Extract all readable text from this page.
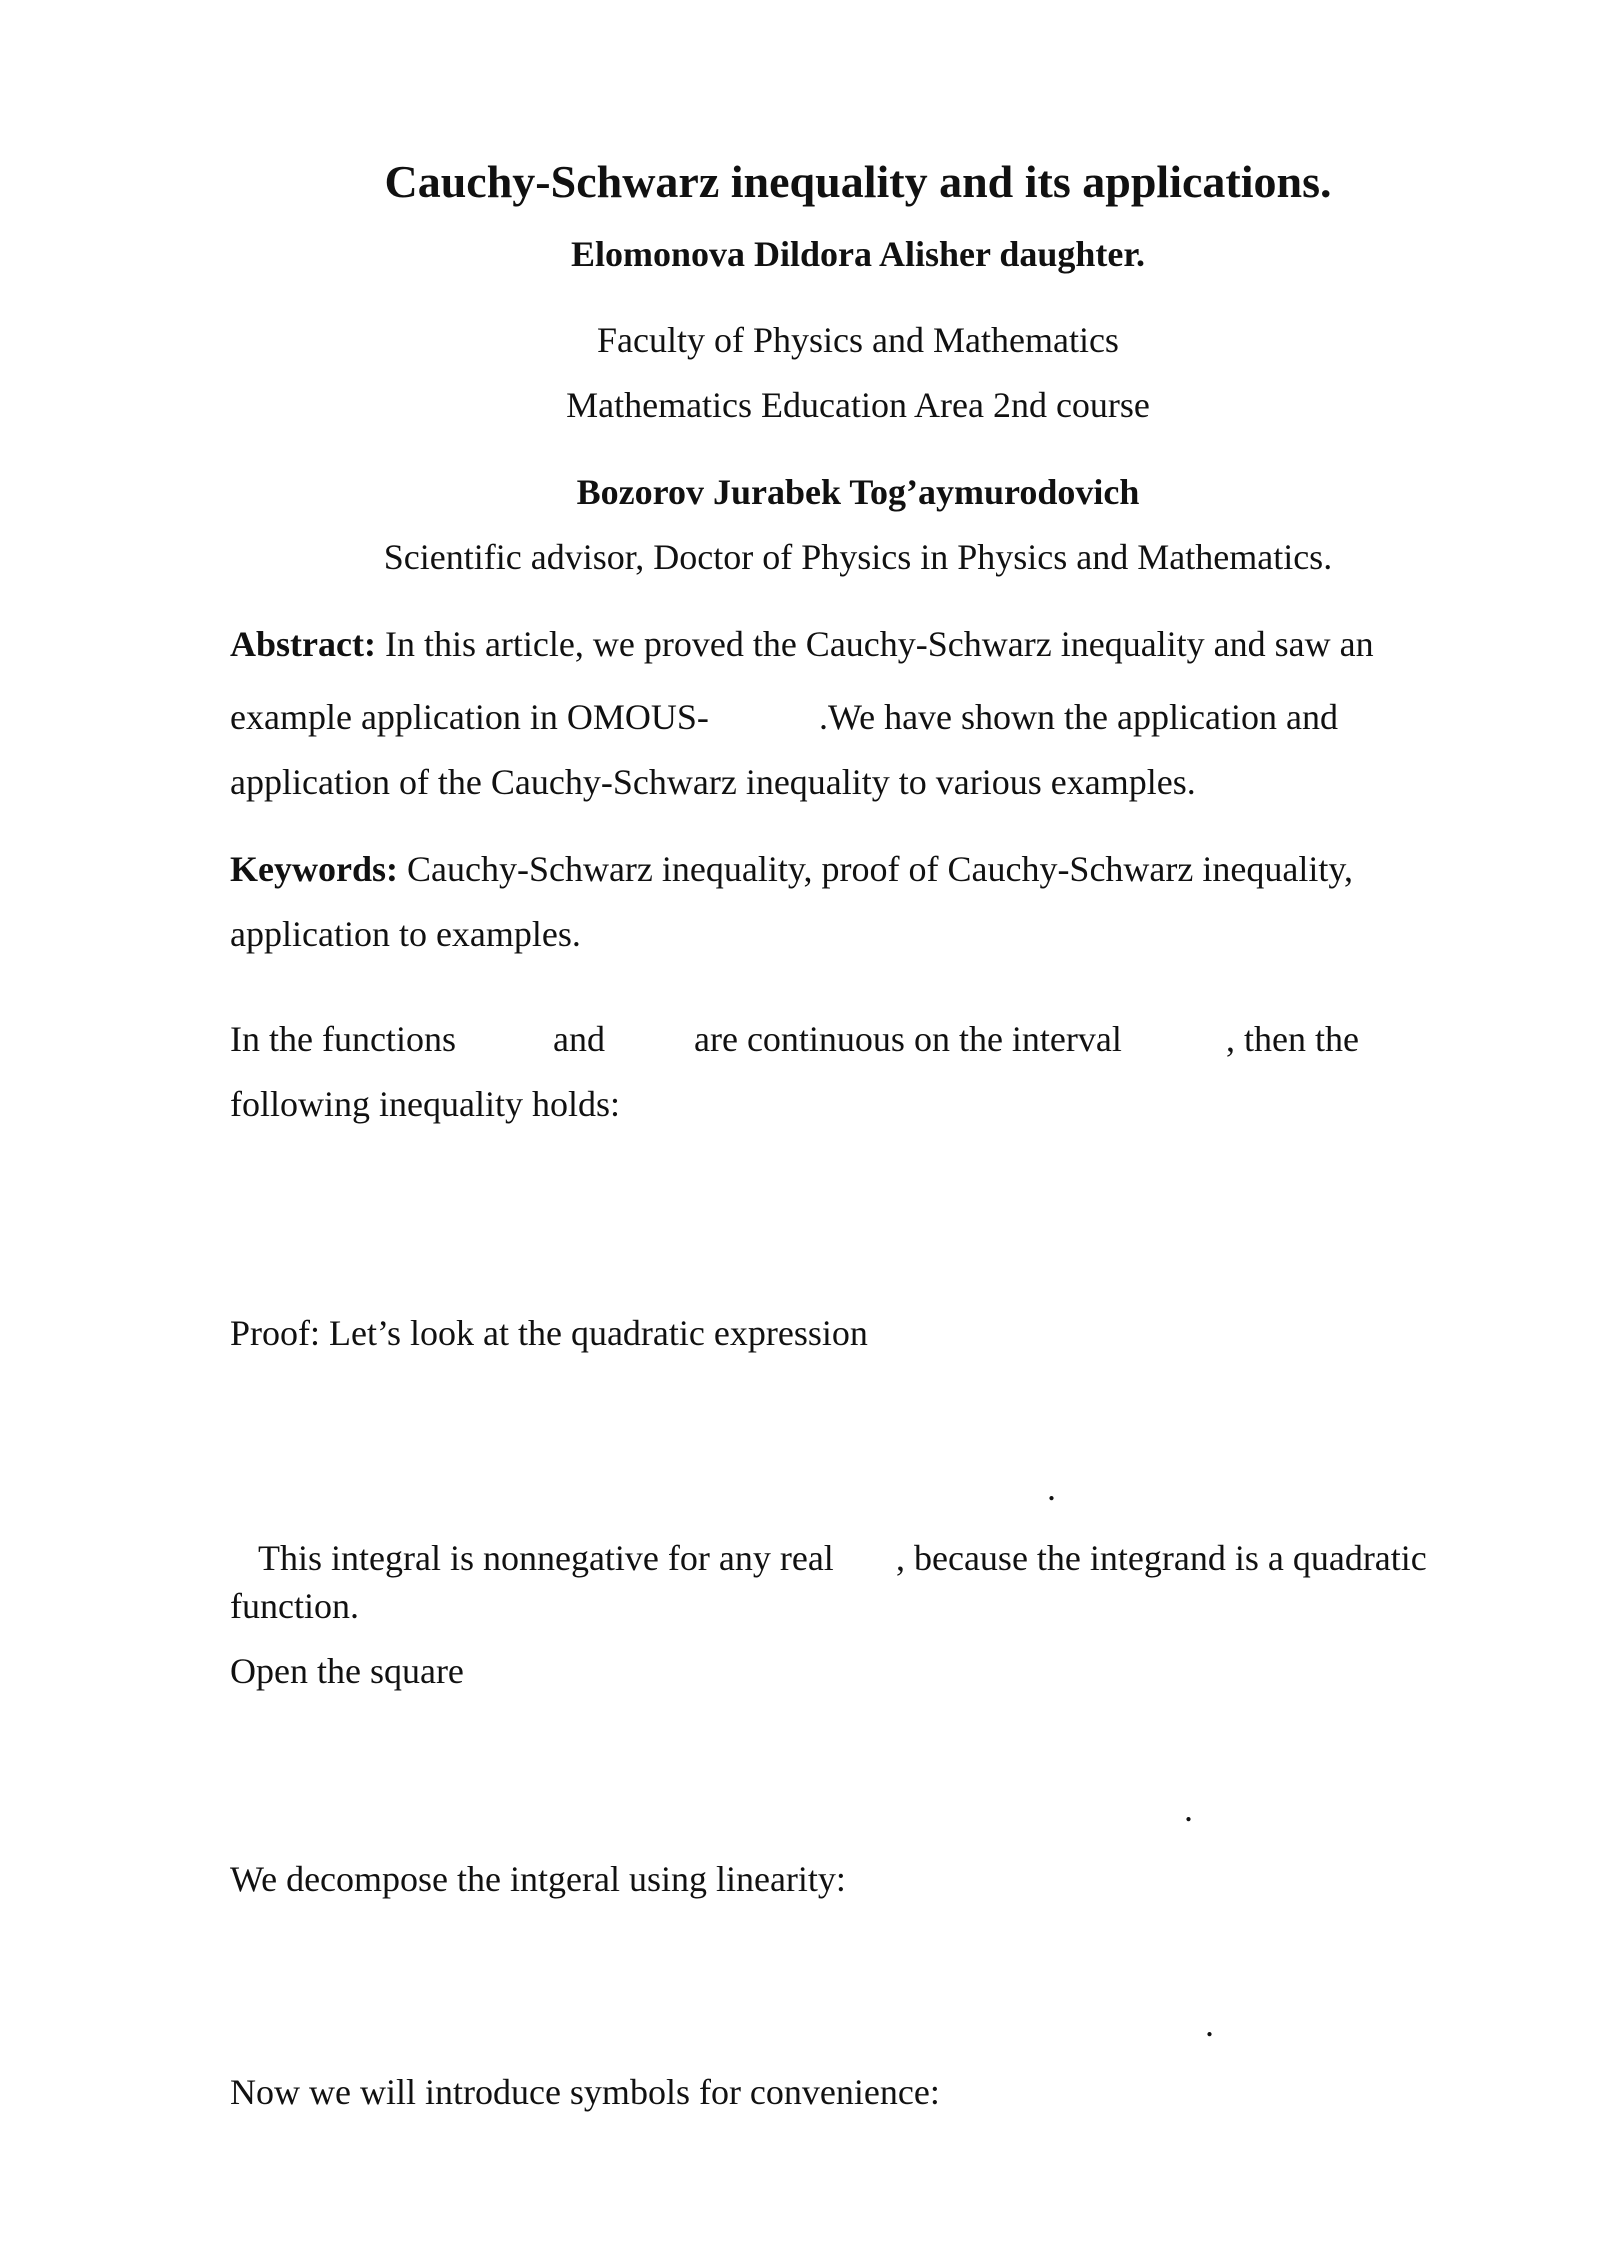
Cauchy-Schwarz inequality and its applications.
Elomonova Dildora Alisher daughter.
Faculty of Physics and Mathematics
Mathematics Education Area 2nd course
Bozorov Jurabek Tog’aymurodovich
Scientific advisor, Doctor of Physics in Physics and Mathematics.
Abstract: In this article, we proved the Cauchy-Schwarz inequality and saw an
example application in OMOUS-	.We have shown the application and
application of the Cauchy-Schwarz inequality to various examples.
Keywords: Cauchy-Schwarz inequality, proof of Cauchy-Schwarz inequality,
application to examples.
In the functions	and are continuous on the interval	, then the
following inequality holds:
Proof: Let’s look at the quadratic expression
.
This integral is nonnegative for any real , because the integrand is a quadratic
function.
Open the square
.
We decompose the intgeral using linearity:
.
Now we will introduce symbols for convenience:
